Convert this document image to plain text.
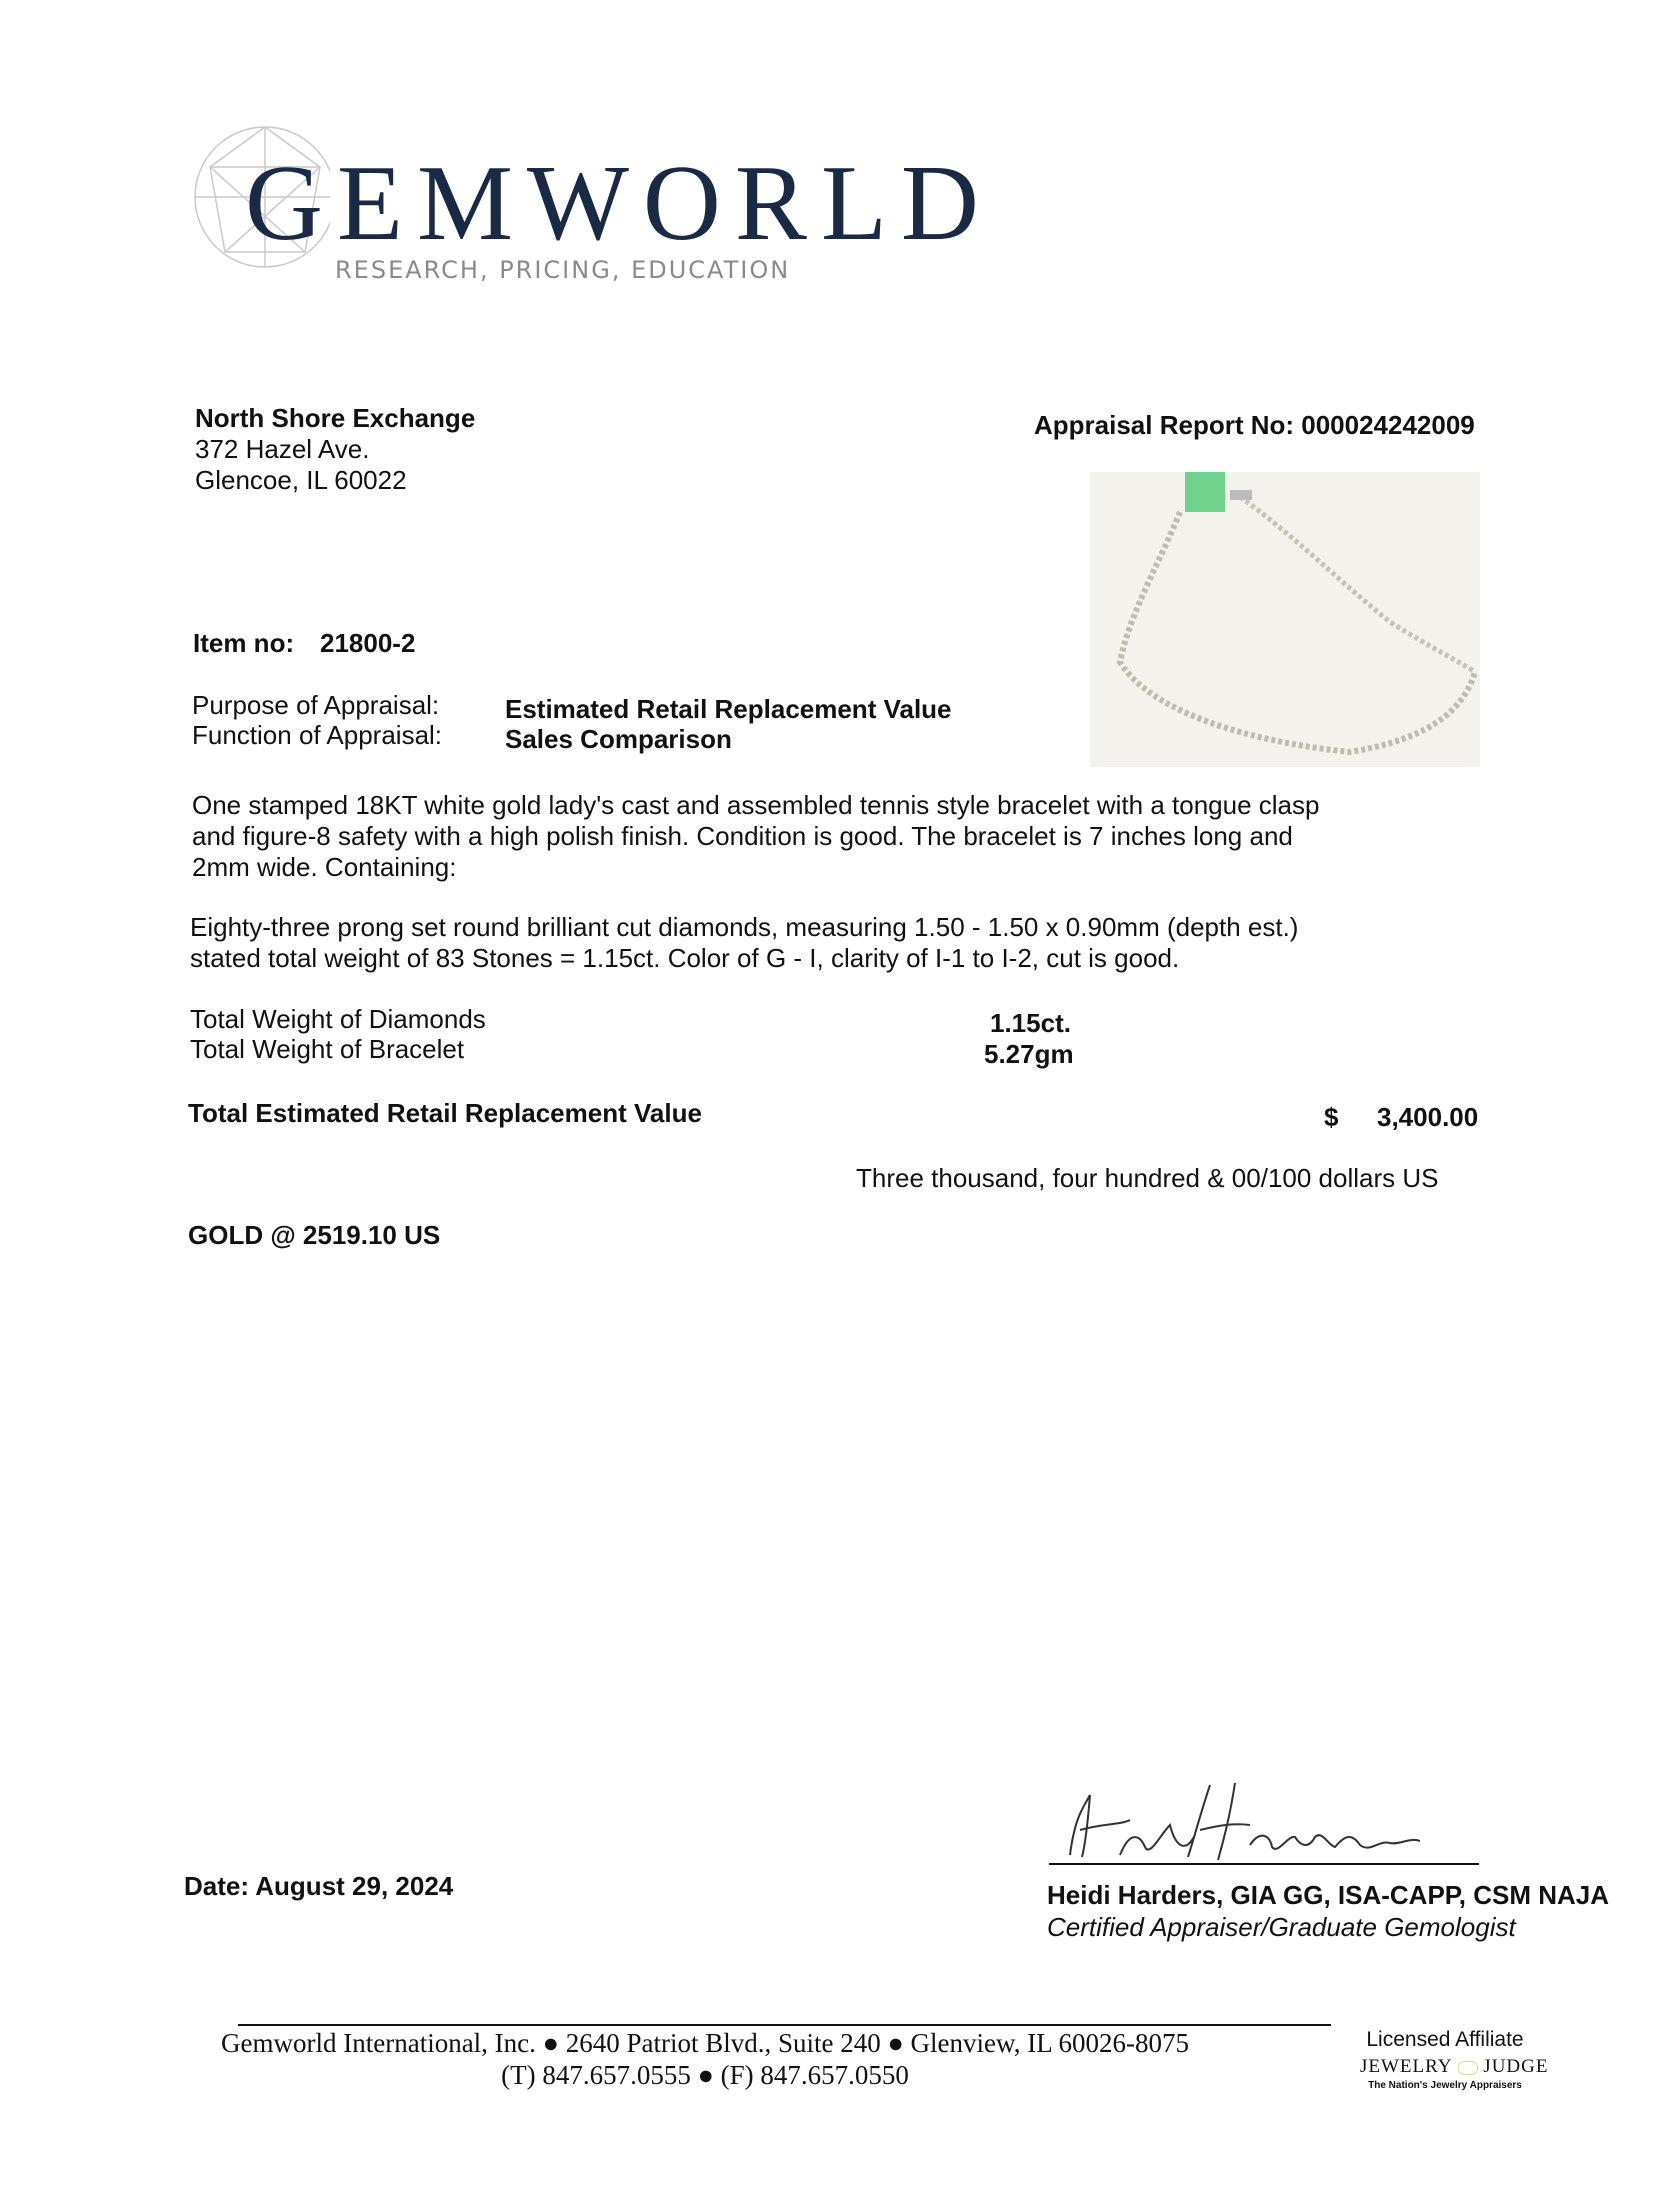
GEMWORLD
RESEARCH, PRICING, EDUCATION
North Shore Exchange
372 Hazel Ave.
Glencoe, IL 60022
Appraisal Report No: 000024242009
Item no: 21800-2
Purpose of Appraisal:	Estimated Retail Replacement Value
Function of Appraisal: Sales Comparison
One stamped 18KT white gold lady's cast and assembled tennis style bracelet with a tongue clasp
and figure-8 safety with a high polish finish. Condition is good. The bracelet is 7 inches long and
2mm wide. Containing:
Eighty-three prong set round brilliant cut diamonds, measuring 1.50 - 1.50 x 0.90mm (depth est.)
stated total weight of 83 Stones = 1.15ct. Color of G - I, clarity of I-1 to I-2, cut is good.
Total Weight of Diamonds	1.15ct.
Total Weight of Bracelet	5.27gm
Total Estimated Retail Replacement Value	$ 3,400.00
Three thousand, four hundred & 00/100 dollars US
GOLD @ 2519.10 US
Date: August 29, 2024	Heidi Harders, GIA GG, ISA-CAPP, CSM NAJA
Certified Appraiser/Graduate Gemologist
Gemworld International, Inc. ● 2640 Patriot Blvd., Suite 240 ● Glenview, IL 60026-8075
(T) 847.657.0555 ● (F) 847.657.0550
Licensed Affiliate
JEWELRY JUDGE
The Nation's Jewelry Appraisers
